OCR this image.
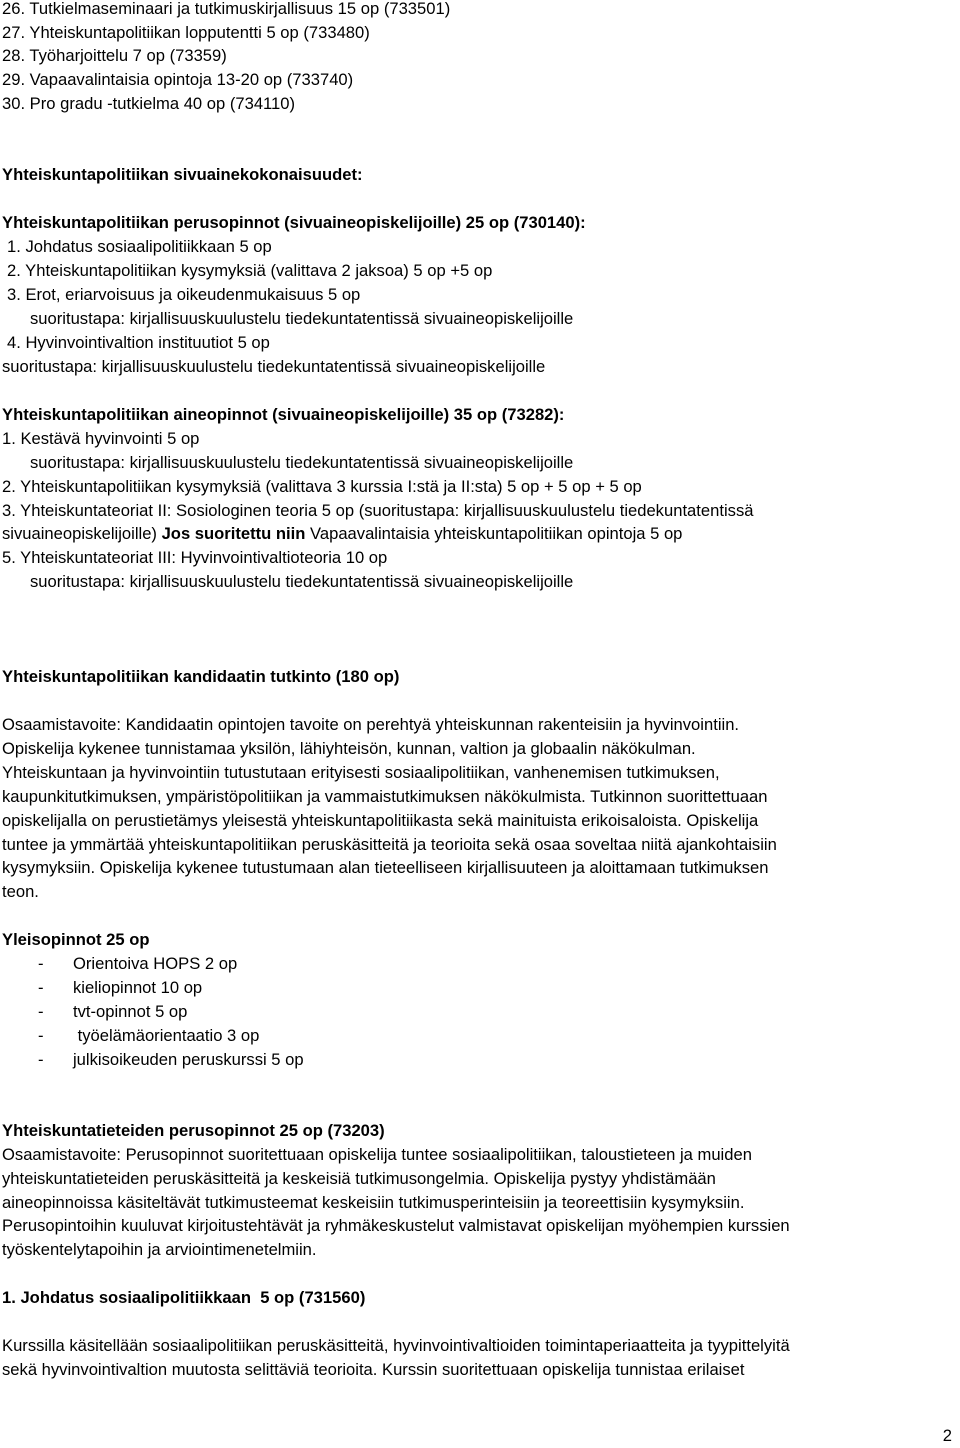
26. Tutkielmaseminaari ja tutkimuskirjallisuus 15 op (733501)
27. Yhteiskuntapolitiikan lopputentti 5 op (733480)
28. Työharjoittelu 7 op (73359)
29. Vapaavalintaisia opintoja 13-20 op (733740)
30. Pro gradu -tutkielma 40 op (734110)
Yhteiskuntapolitiikan sivuainekokonaisuudet:
Yhteiskuntapolitiikan perusopinnot (sivuaineopiskelijoille) 25 op (730140):
1. Johdatus sosiaalipolitiikkaan 5 op
2. Yhteiskuntapolitiikan kysymyksiä (valittava 2 jaksoa) 5 op +5 op
3. Erot, eriarvoisuus ja oikeudenmukaisuus 5 op
suoritustapa: kirjallisuuskuulustelu tiedekuntatentissä sivuaineopiskelijoille
4. Hyvinvointivaltion instituutiot 5 op
suoritustapa: kirjallisuuskuulustelu tiedekuntatentissä sivuaineopiskelijoille
Yhteiskuntapolitiikan aineopinnot (sivuaineopiskelijoille) 35 op (73282):
1. Kestävä hyvinvointi 5 op
suoritustapa: kirjallisuuskuulustelu tiedekuntatentissä sivuaineopiskelijoille
2. Yhteiskuntapolitiikan kysymyksiä (valittava 3 kurssia I:stä ja II:sta) 5 op + 5 op + 5 op
3. Yhteiskuntateoriat II: Sosiologinen teoria 5 op (suoritustapa: kirjallisuuskuulustelu tiedekuntatentissä
sivuaineopiskelijoille) Jos suoritettu niin Vapaavalintaisia yhteiskuntapolitiikan opintoja 5 op
5. Yhteiskuntateoriat III: Hyvinvointivaltioteoria 10 op
suoritustapa: kirjallisuuskuulustelu tiedekuntatentissä sivuaineopiskelijoille
Yhteiskuntapolitiikan kandidaatin tutkinto (180 op)
Osaamistavoite: Kandidaatin opintojen tavoite on perehtyä yhteiskunnan rakenteisiin ja hyvinvointiin.
Opiskelija kykenee tunnistamaa yksilön, lähiyhteisön, kunnan, valtion ja globaalin näkökulman.
Yhteiskuntaan ja hyvinvointiin tutustutaan erityisesti sosiaalipolitiikan, vanhenemisen tutkimuksen,
kaupunkitutkimuksen, ympäristöpolitiikan ja vammaistutkimuksen näkökulmista. Tutkinnon suorittettuaan
opiskelijalla on perustietämys yleisestä yhteiskuntapolitiikasta sekä mainituista erikoisaloista. Opiskelija
tuntee ja ymmärtää yhteiskuntapolitiikan peruskäsitteitä ja teorioita sekä osaa soveltaa niitä ajankohtaisiin
kysymyksiin. Opiskelija kykenee tutustumaan alan tieteelliseen kirjallisuuteen ja aloittamaan tutkimuksen
teon.
Yleisopinnot 25 op
- Orientoiva HOPS 2 op
- kieliopinnot 10 op
- tvt-opinnot 5 op
- työelämäorientaatio 3 op
- julkisoikeuden peruskurssi 5 op
Yhteiskuntatieteiden perusopinnot 25 op (73203)
Osaamistavoite: Perusopinnot suoritettuaan opiskelija tuntee sosiaalipolitiikan, taloustieteen ja muiden
yhteiskuntatieteiden peruskäsitteitä ja keskeisiä tutkimusongelmia. Opiskelija pystyy yhdistämään
aineopinnoissa käsiteltävät tutkimusteemat keskeisiin tutkimusperinteisiin ja teoreettisiin kysymyksiin.
Perusopintoihin kuuluvat kirjoitustehtävät ja ryhmäkeskustelut valmistavat opiskelijan myöhempien kurssien
työskentelytapoihin ja arviointimenetelmiin.
1. Johdatus sosiaalipolitiikkaan  5 op (731560)
Kurssilla käsitellään sosiaalipolitiikan peruskäsitteitä, hyvinvointivaltioiden toimintaperiaatteita ja tyypittelyitä
sekä hyvinvointivaltion muutosta selittäviä teorioita. Kurssin suoritettuaan opiskelija tunnistaa erilaiset
2
